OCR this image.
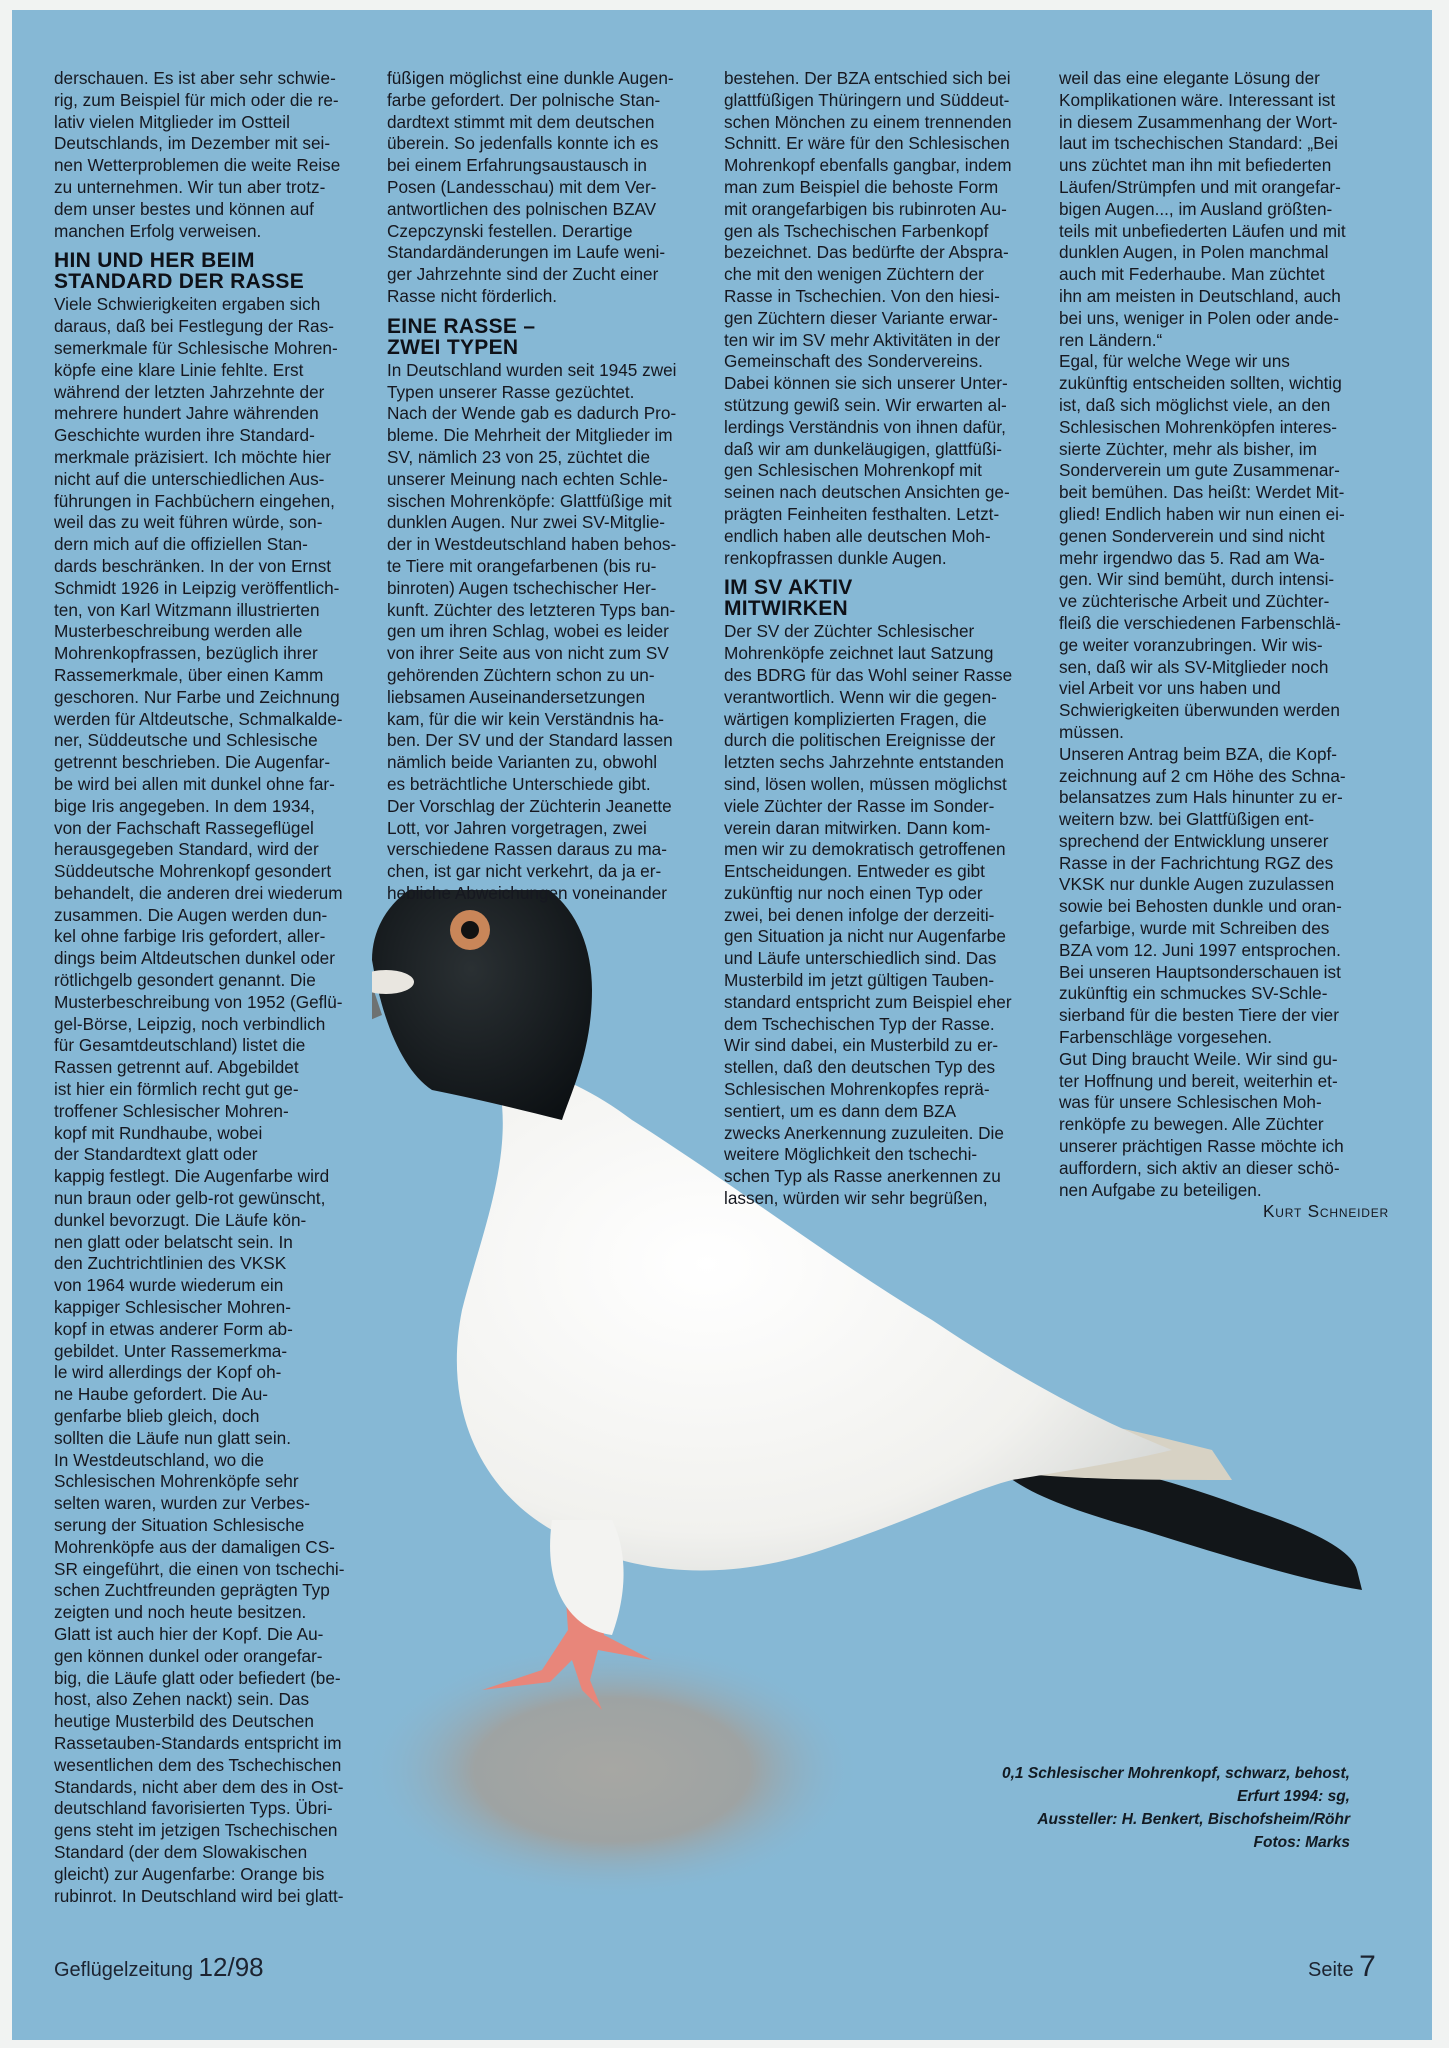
derschauen. Es ist aber sehr schwie-
rig, zum Beispiel für mich oder die re-
lativ vielen Mitglieder im Ostteil
Deutschlands, im Dezember mit sei-
nen Wetterproblemen die weite Reise
zu unternehmen. Wir tun aber trotz-
dem unser bestes und können auf
manchen Erfolg verweisen.

HIN UND HER BEIM
STANDARD DER RASSE

Viele Schwierigkeiten ergaben sich
daraus, daß bei Festlegung der Ras-
semerkmale für Schlesische Mohren-
köpfe eine klare Linie fehlte. Erst
während der letzten Jahrzehnte der
mehrere hundert Jahre währenden
Geschichte wurden ihre Standard-
merkmale präzisiert. Ich möchte hier
nicht auf die unterschiedlichen Aus-
führungen in Fachbüchern eingehen,
weil das zu weit führen würde, son-
dern mich auf die offiziellen Stan-
dards beschränken. In der von Ernst
Schmidt 1926 in Leipzig veröffentlich-
ten, von Karl Witzmann illustrierten
Musterbeschreibung werden alle
Mohrenkopfrassen, bezüglich ihrer
Rassemerkmale, über einen Kamm
geschoren. Nur Farbe und Zeichnung
werden für Altdeutsche, Schmalkalde-
ner, Süddeutsche und Schlesische
getrennt beschrieben. Die Augenfar-
be wird bei allen mit dunkel ohne far-
bige Iris angegeben. In dem 1934,
von der Fachschaft Rassegeflügel
herausgegeben Standard, wird der
Süddeutsche Mohrenkopf gesondert
behandelt, die anderen drei wiederum
zusammen. Die Augen werden dun-
kel ohne farbige Iris gefordert, aller-
dings beim Altdeutschen dunkel oder
rötlichgelb gesondert genannt. Die
Musterbeschreibung von 1952 (Geflü-
gel-Börse, Leipzig, noch verbindlich
für Gesamtdeutschland) listet die
Rassen getrennt auf. Abgebildet
ist hier ein förmlich recht gut ge-
troffener Schlesischer Mohren-
kopf mit Rundhaube, wobei
der Standardtext glatt oder
kappig festlegt. Die Augenfarbe wird
nun braun oder gelb-rot gewünscht,
dunkel bevorzugt. Die Läufe kön-
nen glatt oder belatscht sein. In
den Zuchtrichtlinien des VKSK
von 1964 wurde wiederum ein
kappiger Schlesischer Mohren-
kopf in etwas anderer Form ab-
gebildet. Unter Rassemerkma-
le wird allerdings der Kopf oh-
ne Haube gefordert. Die Au-
genfarbe blieb gleich, doch
sollten die Läufe nun glatt sein.
In Westdeutschland, wo die
Schlesischen Mohrenköpfe sehr
selten waren, wurden zur Verbes-
serung der Situation Schlesische
Mohrenköpfe aus der damaligen CS-
SR eingeführt, die einen von tschechi-
schen Zuchtfreunden geprägten Typ
zeigten und noch heute besitzen.
Glatt ist auch hier der Kopf. Die Au-
gen können dunkel oder orangefar-
big, die Läufe glatt oder befiedert (be-
host, also Zehen nackt) sein. Das
heutige Musterbild des Deutschen
Rassetauben-Standards entspricht im
wesentlichen dem des Tschechischen
Standards, nicht aber dem des in Ost-
deutschland favorisierten Typs. Übri-
gens steht im jetzigen Tschechischen
Standard (der dem Slowakischen
gleicht) zur Augenfarbe: Orange bis
rubinrot. In Deutschland wird bei glatt-

füßigen möglichst eine dunkle Augen-
farbe gefordert. Der polnische Stan-
dardtext stimmt mit dem deutschen
überein. So jedenfalls konnte ich es
bei einem Erfahrungsaustausch in
Posen (Landesschau) mit dem Ver-
antwortlichen des polnischen BZAV
Czepczynski festellen. Derartige
Standardänderungen im Laufe weni-
ger Jahrzehnte sind der Zucht einer
Rasse nicht förderlich.

EINE RASSE –
ZWEI TYPEN

In Deutschland wurden seit 1945 zwei
Typen unserer Rasse gezüchtet.
Nach der Wende gab es dadurch Pro-
bleme. Die Mehrheit der Mitglieder im
SV, nämlich 23 von 25, züchtet die
unserer Meinung nach echten Schle-
sischen Mohrenköpfe: Glattfüßige mit
dunklen Augen. Nur zwei SV-Mitglie-
der in Westdeutschland haben behos-
te Tiere mit orangefarbenen (bis ru-
binroten) Augen tschechischer Her-
kunft. Züchter des letzteren Typs ban-
gen um ihren Schlag, wobei es leider
von ihrer Seite aus von nicht zum SV
gehörenden Züchtern schon zu un-
liebsamen Auseinandersetzungen
kam, für die wir kein Verständnis ha-
ben. Der SV und der Standard lassen
nämlich beide Varianten zu, obwohl
es beträchtliche Unterschiede gibt.
Der Vorschlag der Züchterin Jeanette
Lott, vor Jahren vorgetragen, zwei
verschiedene Rassen daraus zu ma-
chen, ist gar nicht verkehrt, da ja er-
hebliche Abweichungen voneinander

bestehen. Der BZA entschied sich bei
glattfüßigen Thüringern und Süddeut-
schen Mönchen zu einem trennenden
Schnitt. Er wäre für den Schlesischen
Mohrenkopf ebenfalls gangbar, indem
man zum Beispiel die behoste Form
mit orangefarbigen bis rubinroten Au-
gen als Tschechischen Farbenkopf
bezeichnet. Das bedürfte der Abspra-
che mit den wenigen Züchtern der
Rasse in Tschechien. Von den hiesi-
gen Züchtern dieser Variante erwar-
ten wir im SV mehr Aktivitäten in der
Gemeinschaft des Sondervereins.
Dabei können sie sich unserer Unter-
stützung gewiß sein. Wir erwarten al-
lerdings Verständnis von ihnen dafür,
daß wir am dunkeläugigen, glattfüßi-
gen Schlesischen Mohrenkopf mit
seinen nach deutschen Ansichten ge-
prägten Feinheiten festhalten. Letzt-
endlich haben alle deutschen Moh-
renkopfrassen dunkle Augen.

IM SV AKTIV
MITWIRKEN

Der SV der Züchter Schlesischer
Mohrenköpfe zeichnet laut Satzung
des BDRG für das Wohl seiner Rasse
verantwortlich. Wenn wir die gegen-
wärtigen komplizierten Fragen, die
durch die politischen Ereignisse der
letzten sechs Jahrzehnte entstanden
sind, lösen wollen, müssen möglichst
viele Züchter der Rasse im Sonder-
verein daran mitwirken. Dann kom-
men wir zu demokratisch getroffenen
Entscheidungen. Entweder es gibt
zukünftig nur noch einen Typ oder
zwei, bei denen infolge der derzeiti-
gen Situation ja nicht nur Augenfarbe
und Läufe unterschiedlich sind. Das
Musterbild im jetzt gültigen Tauben-
standard entspricht zum Beispiel eher
dem Tschechischen Typ der Rasse.
Wir sind dabei, ein Musterbild zu er-
stellen, daß den deutschen Typ des
Schlesischen Mohrenkopfes reprä-
sentiert, um es dann dem BZA
zwecks Anerkennung zuzuleiten. Die
weitere Möglichkeit den tschechi-
schen Typ als Rasse anerkennen zu
lassen, würden wir sehr begrüßen,

weil das eine elegante Lösung der
Komplikationen wäre. Interessant ist
in diesem Zusammenhang der Wort-
laut im tschechischen Standard: „Bei
uns züchtet man ihn mit befiederten
Läufen/Strümpfen und mit orangefar-
bigen Augen..., im Ausland größten-
teils mit unbefiederten Läufen und mit
dunklen Augen, in Polen manchmal
auch mit Federhaube. Man züchtet
ihn am meisten in Deutschland, auch
bei uns, weniger in Polen oder ande-
ren Ländern.“
Egal, für welche Wege wir uns
zukünftig entscheiden sollten, wichtig
ist, daß sich möglichst viele, an den
Schlesischen Mohrenköpfen interes-
sierte Züchter, mehr als bisher, im
Sonderverein um gute Zusammenar-
beit bemühen. Das heißt: Werdet Mit-
glied! Endlich haben wir nun einen ei-
genen Sonderverein und sind nicht
mehr irgendwo das 5. Rad am Wa-
gen. Wir sind bemüht, durch intensi-
ve züchterische Arbeit und Züchter-
fleiß die verschiedenen Farbenschlä-
ge weiter voranzubringen. Wir wis-
sen, daß wir als SV-Mitglieder noch
viel Arbeit vor uns haben und
Schwierigkeiten überwunden werden
müssen.
Unseren Antrag beim BZA, die Kopf-
zeichnung auf 2 cm Höhe des Schna-
belansatzes zum Hals hinunter zu er-
weitern bzw. bei Glattfüßigen ent-
sprechend der Entwicklung unserer
Rasse in der Fachrichtung RGZ des
VKSK nur dunkle Augen zuzulassen
sowie bei Behosten dunkle und oran-
gefarbige, wurde mit Schreiben des
BZA vom 12. Juni 1997 entsprochen.
Bei unseren Hauptsonderschauen ist
zukünftig ein schmuckes SV-Schle-
sierband für die besten Tiere der vier
Farbenschläge vorgesehen.
Gut Ding braucht Weile. Wir sind gu-
ter Hoffnung und bereit, weiterhin et-
was für unsere Schlesischen Moh-
renköpfe zu bewegen. Alle Züchter
unserer prächtigen Rasse möchte ich
auffordern, sich aktiv an dieser schö-
nen Aufgabe zu beteiligen.

Kurt Schneider

0,1 Schlesischer Mohrenkopf, schwarz, behost,
Erfurt 1994: sg,
Aussteller: H. Benkert, Bischofsheim/Röhr
Fotos: Marks
Geflügelzeitung 12/98	Seite 7
